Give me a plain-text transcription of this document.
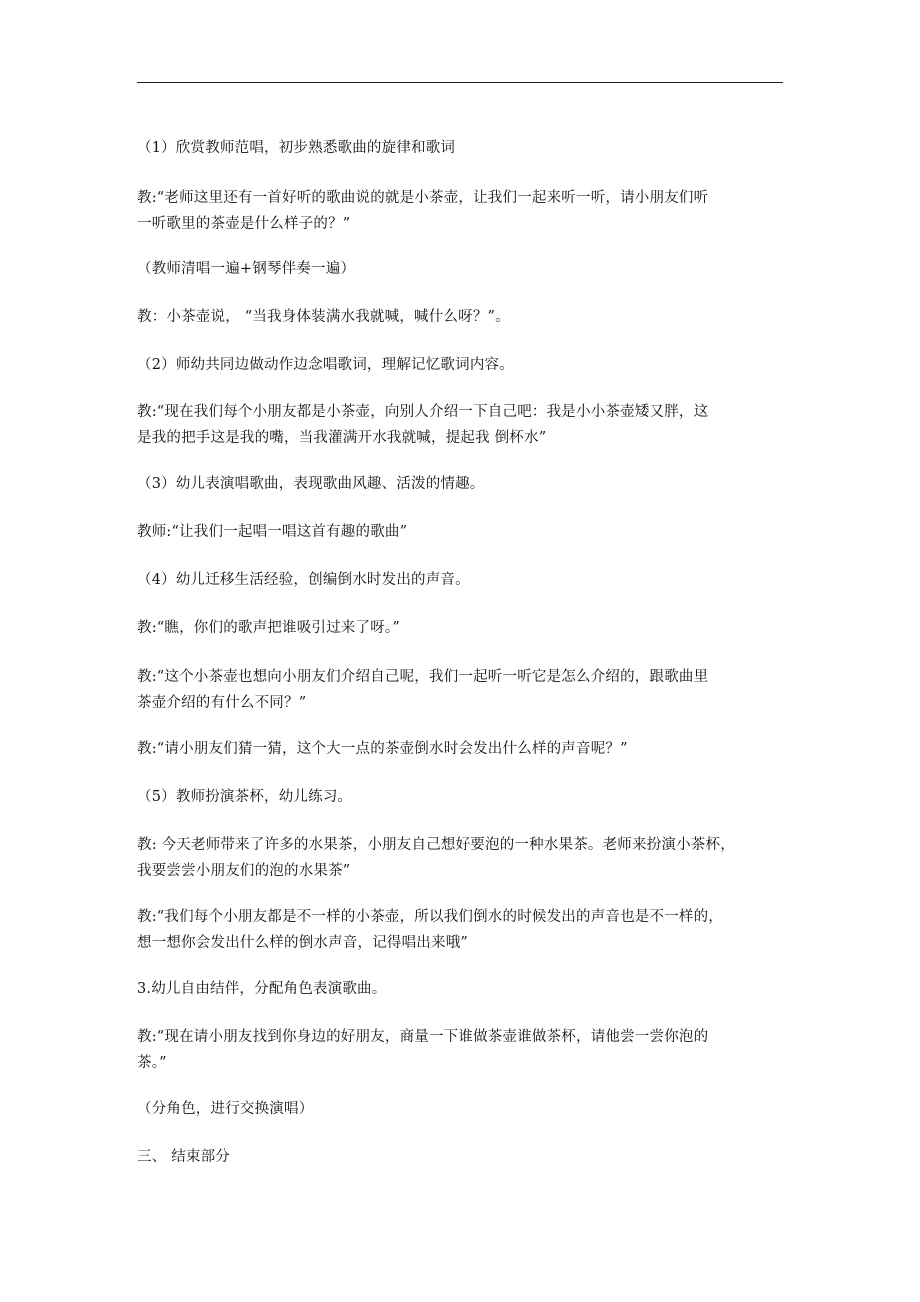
（1）欣赏教师范唱，初步熟悉歌曲的旋律和歌词
教:“老师这里还有一首好听的歌曲说的就是小茶壶，让我们一起来听一听，请小朋友们听
一听歌里的茶壶是什么样子的？”
（教师清唱一遍+钢琴伴奏一遍）
教：小茶壶说， “当我身体装满水我就喊，喊什么呀？”。
（2）师幼共同边做动作边念唱歌词，理解记忆歌词内容。
教:“现在我们每个小朋友都是小茶壶，向别人介绍一下自己吧：我是小小茶壶矮又胖，这
是我的把手这是我的嘴，当我灌满开水我就喊，提起我 倒杯水”
（3）幼儿表演唱歌曲，表现歌曲风趣、活泼的情趣。
教师:“让我们一起唱一唱这首有趣的歌曲”
（4）幼儿迁移生活经验，创编倒水时发出的声音。
教:“瞧，你们的歌声把谁吸引过来了呀。”
教:“这个小茶壶也想向小朋友们介绍自己呢，我们一起听一听它是怎么介绍的，跟歌曲里
茶壶介绍的有什么不同？”
教:“请小朋友们猜一猜，这个大一点的茶壶倒水时会发出什么样的声音呢？”
（5）教师扮演茶杯，幼儿练习。
教: 今天老师带来了许多的水果茶，小朋友自己想好要泡的一种水果茶。老师来扮演小茶杯，
我要尝尝小朋友们的泡的水果茶”
教:“我们每个小朋友都是不一样的小茶壶，所以我们倒水的时候发出的声音也是不一样的，
想一想你会发出什么样的倒水声音，记得唱出来哦”
3.幼儿自由结伴，分配角色表演歌曲。
教:“现在请小朋友找到你身边的好朋友，商量一下谁做茶壶谁做茶杯，请他尝一尝你泡的
茶。”
（分角色，进行交换演唱）
三、 结束部分
